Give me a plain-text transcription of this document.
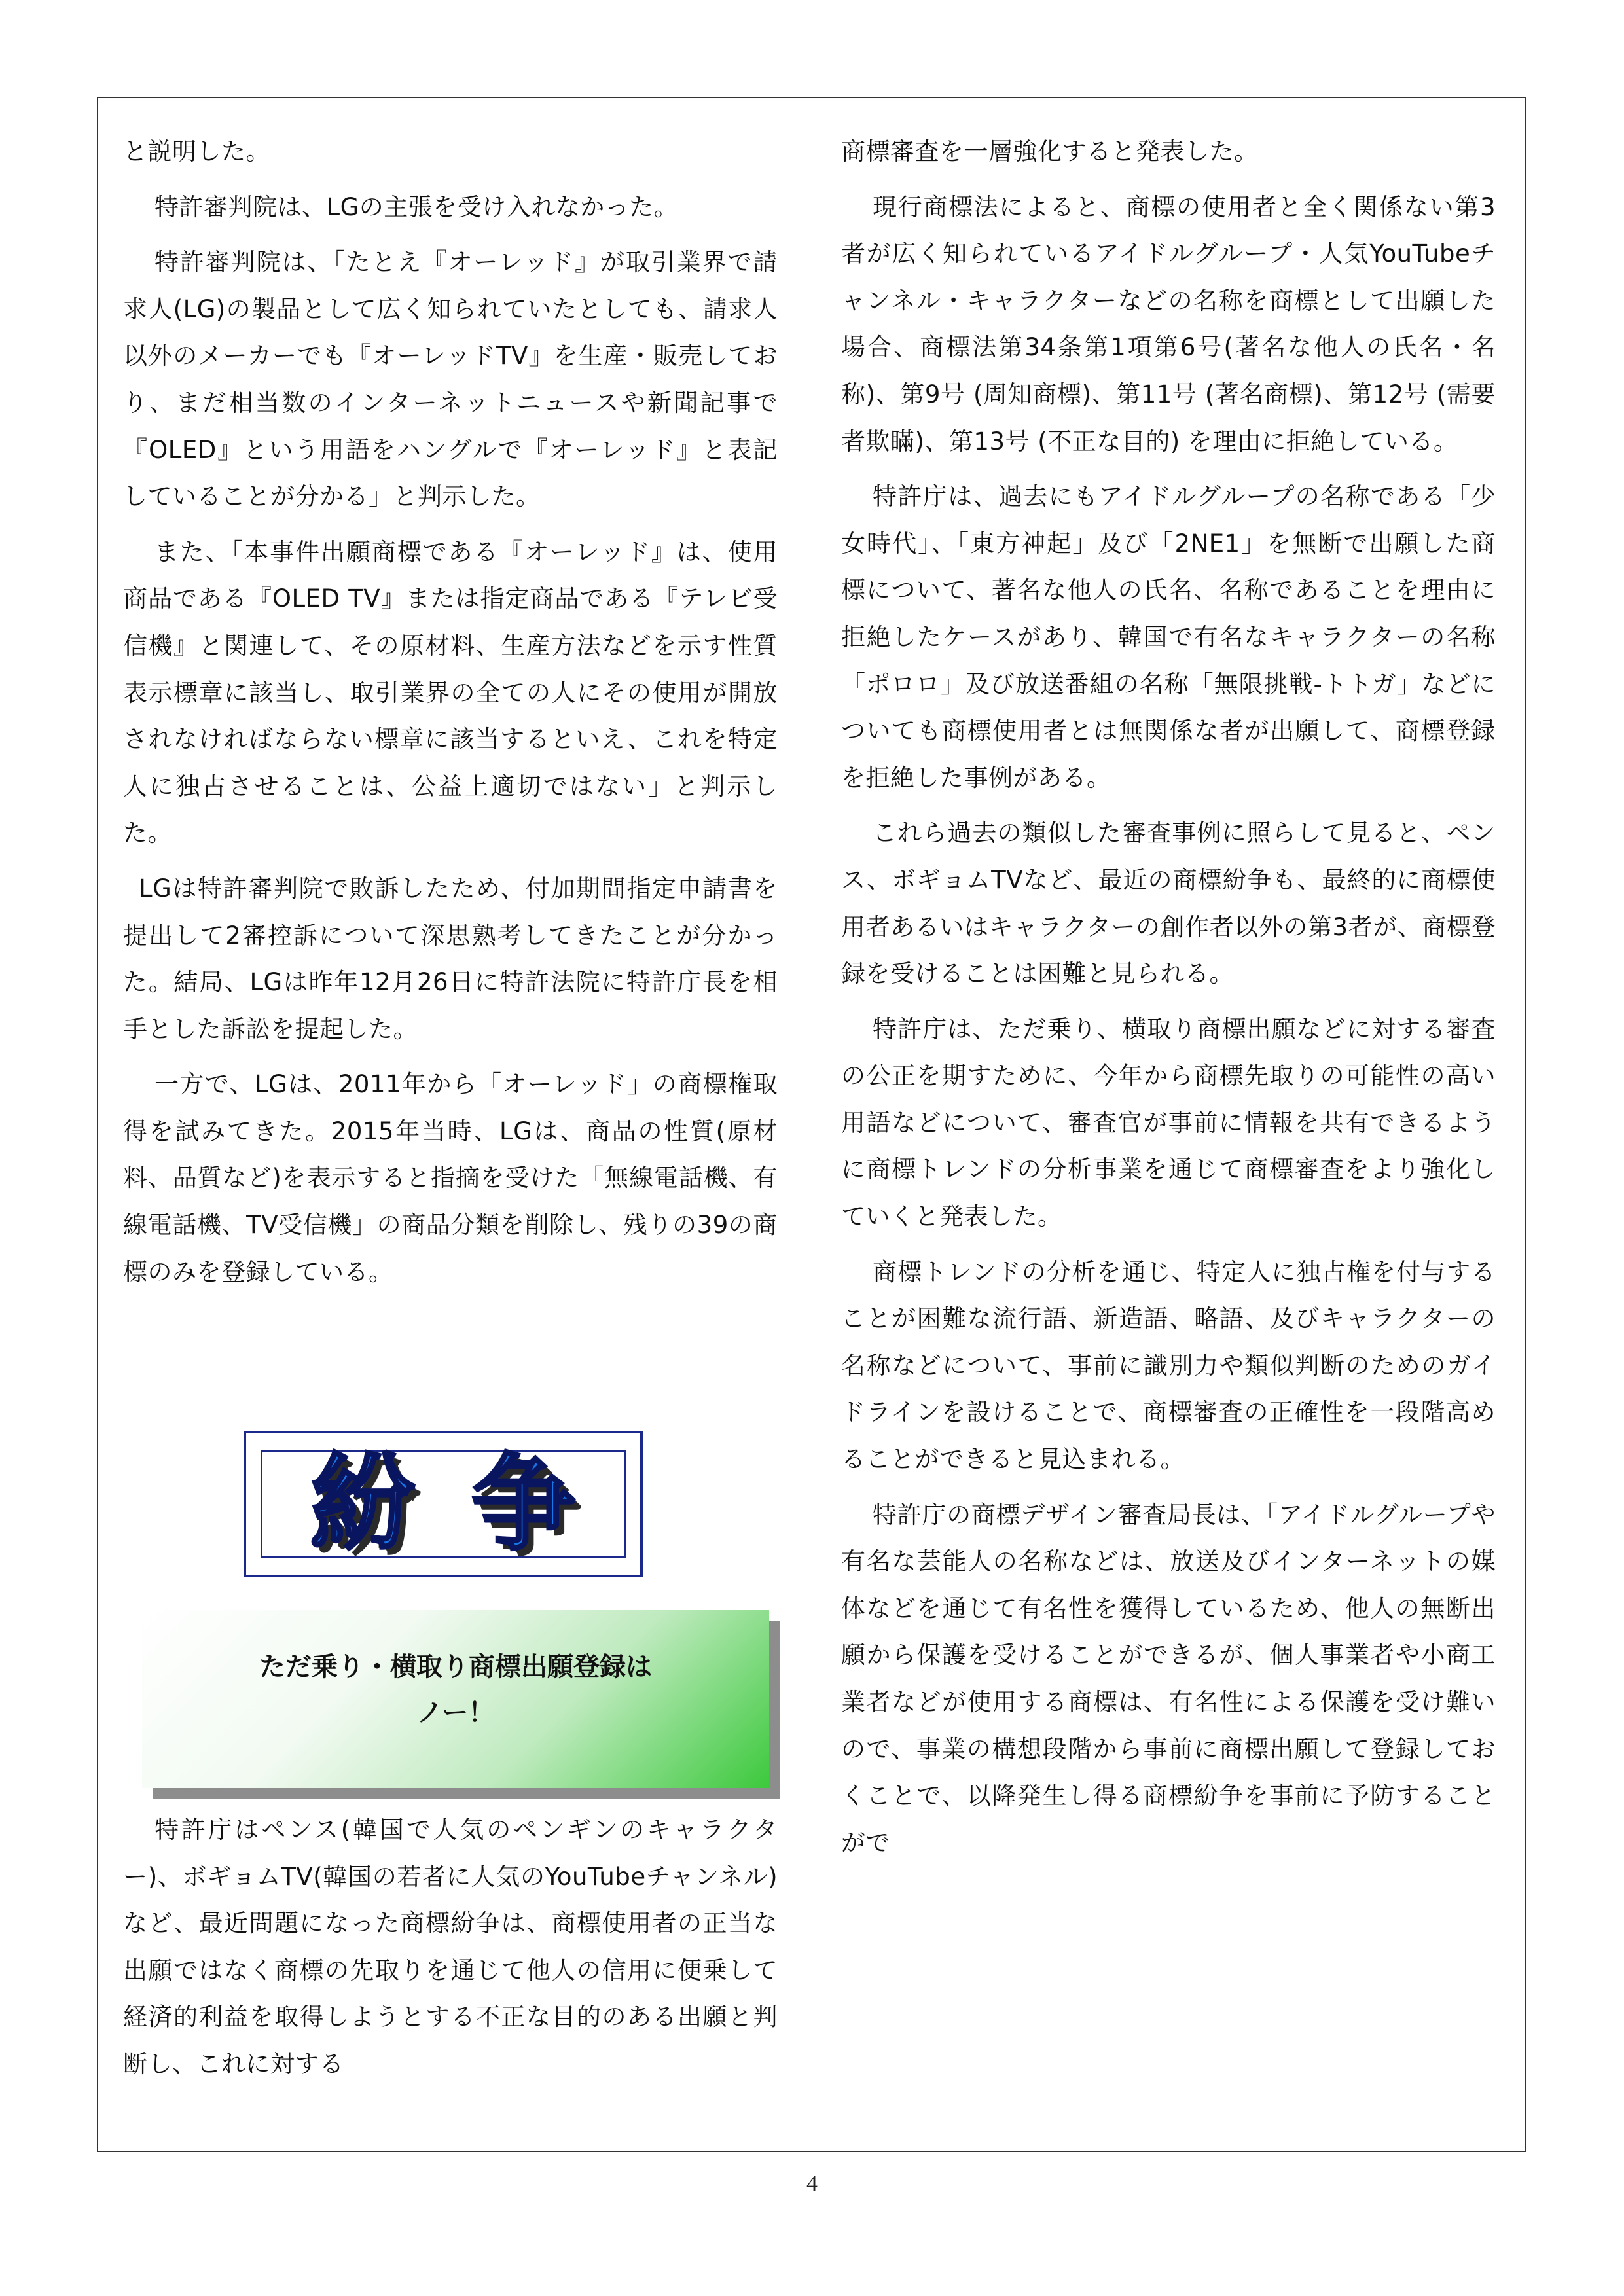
と説明した。

特許審判院は、LGの主張を受け入れなかった。

特許審判院は、「たとえ『オーレッド』が取引業界で請求人(LG)の製品として広く知られていたとしても、請求人以外のメーカーでも『オーレッドTV』を生産・販売しており、まだ相当数のインターネットニュースや新聞記事で『OLED』という用語をハングルで『オーレッド』と表記していることが分かる」と判示した。

また、「本事件出願商標である『オーレッド』は、使用商品である『OLED TV』または指定商品である『テレビ受信機』と関連して、その原材料、生産方法などを示す性質表示標章に該当し、取引業界の全ての人にその使用が開放されなければならない標章に該当するといえ、これを特定人に独占させることは、公益上適切ではない」と判示した。

LGは特許審判院で敗訴したため、付加期間指定申請書を提出して2審控訴について深思熟考してきたことが分かった。結局、LGは昨年12月26日に特許法院に特許庁長を相手とした訴訟を提起した。

一方で、LGは、2011年から「オーレッド」の商標権取得を試みてきた。2015年当時、LGは、商品の性質(原材料、品質など)を表示すると指摘を受けた「無線電話機、有線電話機、TV受信機」の商品分類を削除し、残りの39の商標のみを登録している。

特許庁はペンス(韓国で人気のペンギンのキャラクター)、ボギョムTV(韓国の若者に人気のYouTubeチャンネル) など、最近問題になった商標紛争は、商標使用者の正当な出願ではなく商標の先取りを通じて他人の信用に便乗して経済的利益を取得しようとする不正な目的のある出願と判断し、これに対する

紛 争
ただ乗り・横取り商標出願登録は
ノー！

商標審査を一層強化すると発表した。

現行商標法によると、商標の使用者と全く関係ない第3者が広く知られているアイドルグループ・人気YouTubeチャンネル・キャラクターなどの名称を商標として出願した場合、商標法第34条第1項第6号(著名な他人の氏名・名称)、第9号 (周知商標)、第11号 (著名商標)、第12号 (需要者欺瞞)、第13号 (不正な目的) を理由に拒絶している。

特許庁は、過去にもアイドルグループの名称である「少女時代」、「東方神起」及び「2NE1」を無断で出願した商標について、著名な他人の氏名、名称であることを理由に拒絶したケースがあり、韓国で有名なキャラクターの名称「ポロロ」及び放送番組の名称「無限挑戦-トトガ」などについても商標使用者とは無関係な者が出願して、商標登録を拒絶した事例がある。

これら過去の類似した審査事例に照らして見ると、ペンス、ボギョムTVなど、最近の商標紛争も、最終的に商標使用者あるいはキャラクターの創作者以外の第3者が、商標登録を受けることは困難と見られる。

特許庁は、ただ乗り、横取り商標出願などに対する審査の公正を期すために、今年から商標先取りの可能性の高い用語などについて、審査官が事前に情報を共有できるように商標トレンドの分析事業を通じて商標審査をより強化していくと発表した。

商標トレンドの分析を通じ、特定人に独占権を付与することが困難な流行語、新造語、略語、及びキャラクターの名称などについて、事前に識別力や類似判断のためのガイドラインを設けることで、商標審査の正確性を一段階高めることができると見込まれる。

特許庁の商標デザイン審査局長は、「アイドルグループや有名な芸能人の名称などは、放送及びインターネットの媒体などを通じて有名性を獲得しているため、他人の無断出願から保護を受けることができるが、個人事業者や小商工業者などが使用する商標は、有名性による保護を受け難いので、事業の構想段階から事前に商標出願して登録しておくことで、以降発生し得る商標紛争を事前に予防することがで

4
